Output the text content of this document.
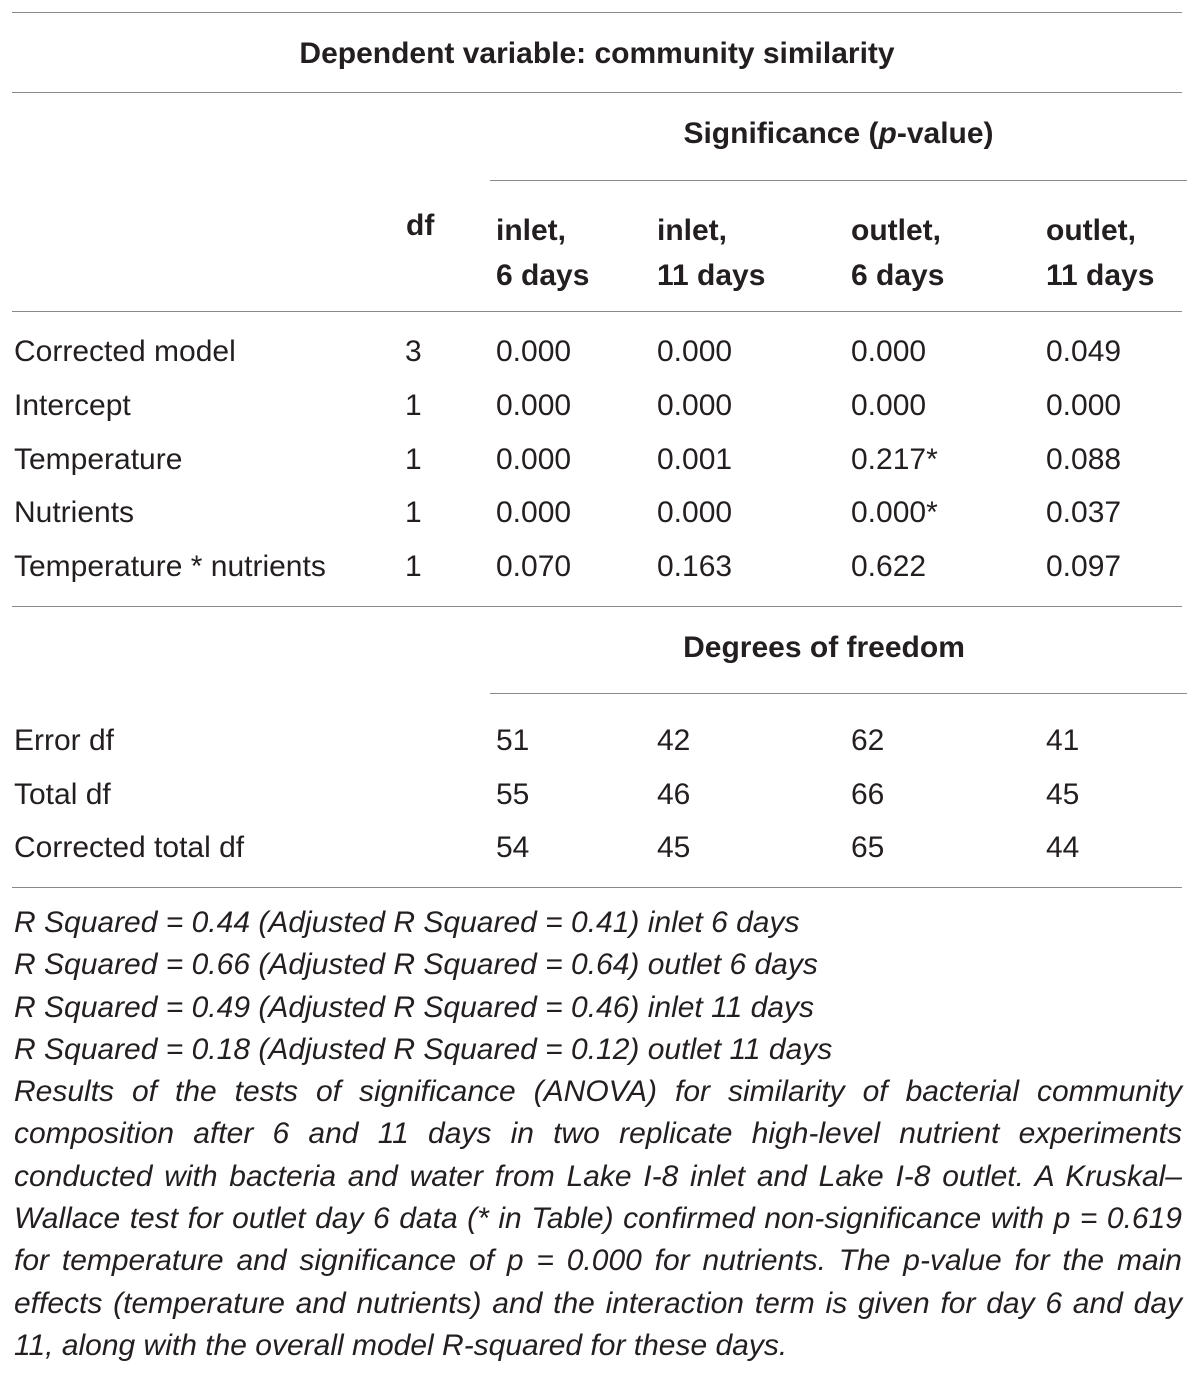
Dependent variable: community similarity
Significance (p-value)
df inlet,
6 days
inlet,
11 days
outlet,
6 days
outlet,
11 days
Corrected model	3 0.000	0.000	0.000	0.049
Intercept	1 0.000	0.000	0.000	0.000
Temperature	1 0.000	0.001	0.217*	0.088
Nutrients	1 0.000	0.000	0.000*	0.037
Temperature * nutrients	1 0.070	0.163	0.622	0.097
Degrees of freedom
Error df	51	42	62	41
Total df	55	46	66	45
Corrected total df	54	45	65	44
R Squared = 0.44 (Adjusted R Squared = 0.41) inlet 6 days
R Squared = 0.66 (Adjusted R Squared = 0.64) outlet 6 days
R Squared = 0.49 (Adjusted R Squared = 0.46) inlet 11 days
R Squared = 0.18 (Adjusted R Squared = 0.12) outlet 11 days
Results of the tests of significance (ANOVA) for similarity of bacterial community composition after 6 and 11 days in two replicate high-level nutrient experiments conducted with bacteria and water from Lake I-8 inlet and Lake I-8 outlet. A Kruskal–Wallace test for outlet day 6 data (* in Table) confirmed non-significance with p = 0.619 for temperature and significance of p = 0.000 for nutrients. The p-value for the main effects (temperature and nutrients) and the interaction term is given for day 6 and day 11, along with the overall model R-squared for these days.
